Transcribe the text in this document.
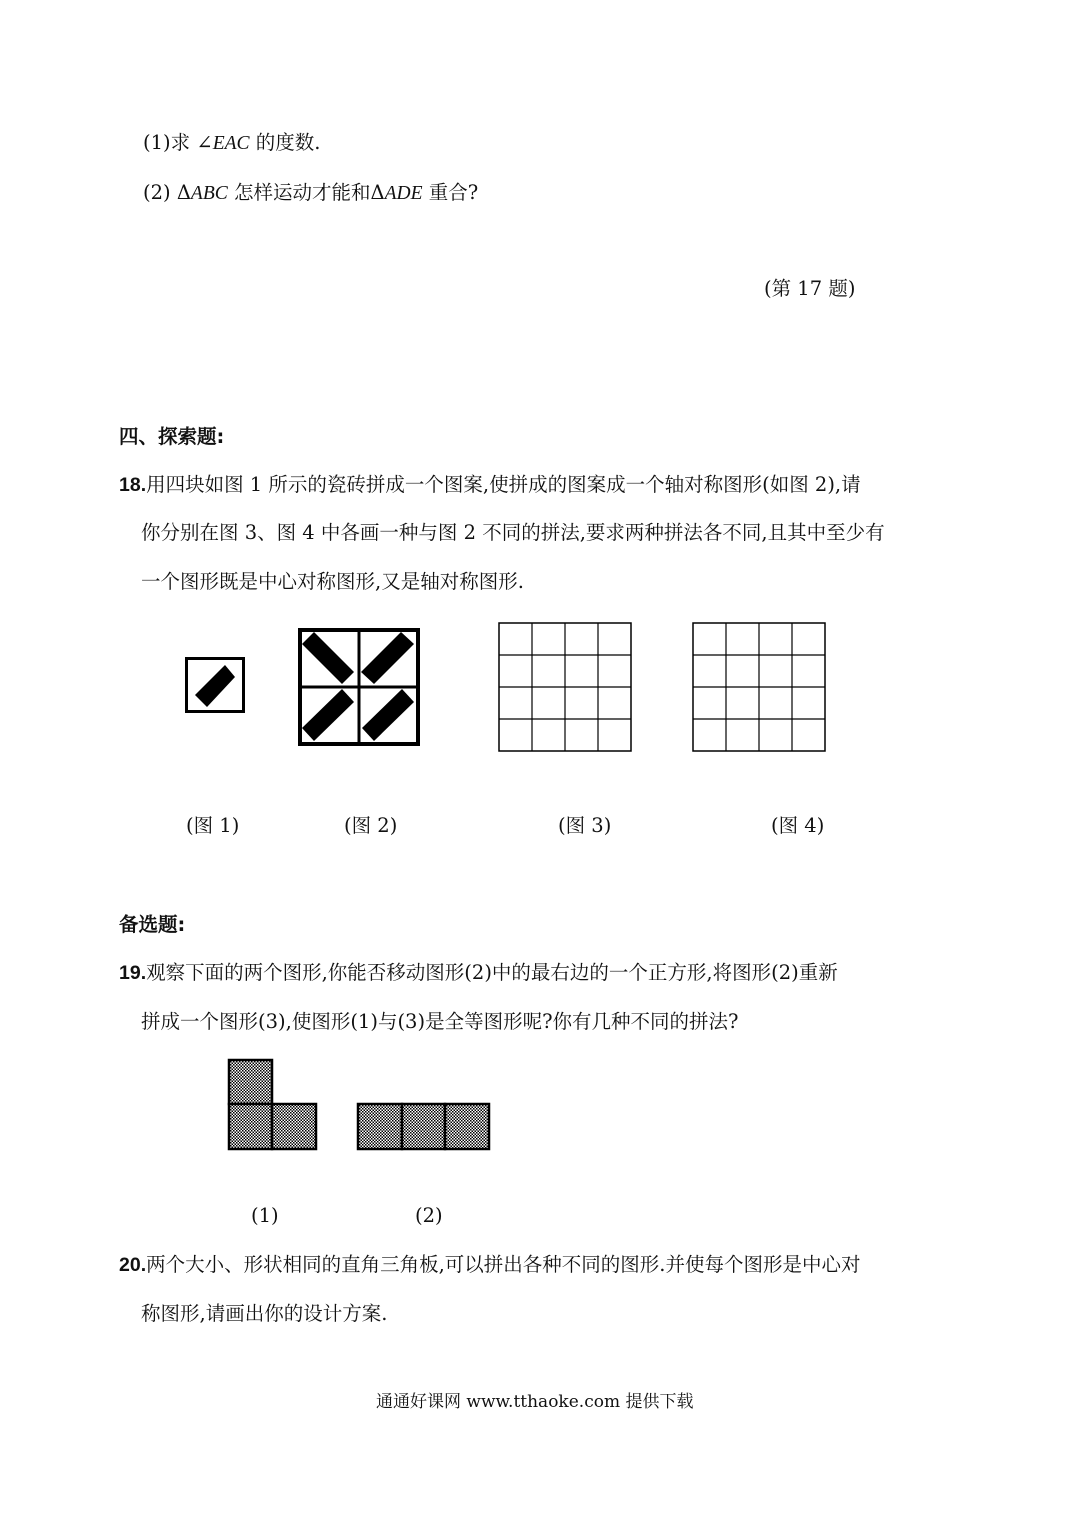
(1)求 ∠EAC 的度数.
(2) ΔABC 怎样运动才能和ΔADE 重合?
(第 17 题)
四、探索题:
18.用四块如图 1 所示的瓷砖拼成一个图案,使拼成的图案成一个轴对称图形(如图 2),请
你分别在图 3、图 4 中各画一种与图 2 不同的拼法,要求两种拼法各不同,且其中至少有
一个图形既是中心对称图形,又是轴对称图形.
(图 1)	(图 2)	(图 3)	(图 4)
备选题:
19.观察下面的两个图形,你能否移动图形(2)中的最右边的一个正方形,将图形(2)重新
拼成一个图形(3),使图形(1)与(3)是全等图形呢?你有几种不同的拼法?
(1)	(2)
20.两个大小、形状相同的直角三角板,可以拼出各种不同的图形.并使每个图形是中心对
称图形,请画出你的设计方案.
通通好课网 www.tthaoke.com 提供下载
